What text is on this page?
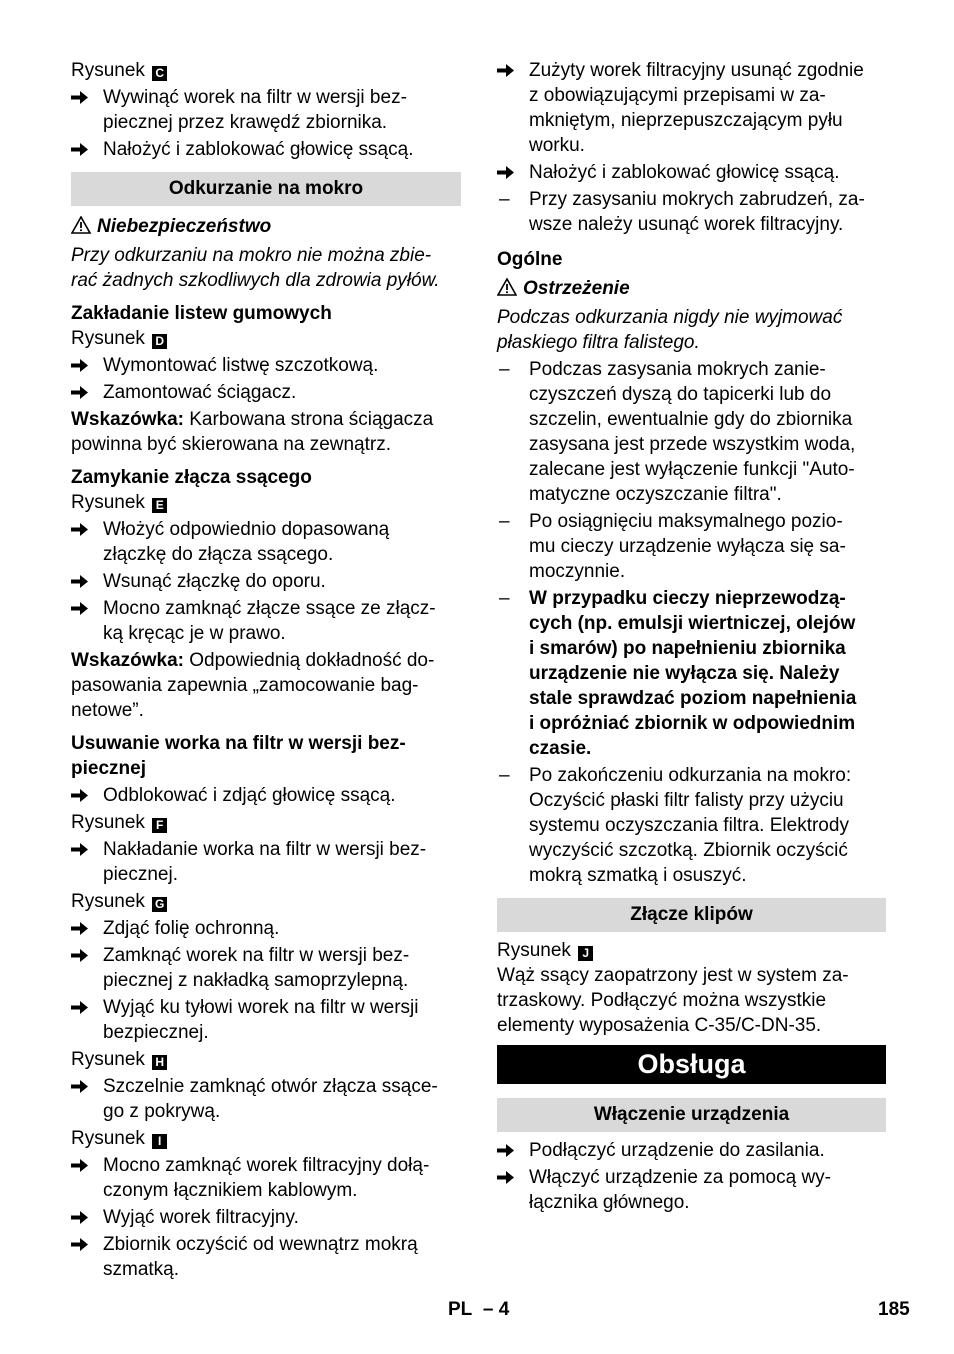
Rysunek C

Wywinąć worek na filtr w wersji bez-
piecznej przez krawędź zbiornika.
Nałożyć i zablokować głowicę ssącą.
Odkurzanie na mokro

Niebezpieczeństwo

Przy odkurzaniu na mokro nie można zbie-
rać żadnych szkodliwych dla zdrowia pyłów.

Zakładanie listew gumowych

Rysunek D

Wymontować listwę szczotkową.
Zamontować ściągacz.

Wskazówka: Karbowana strona ściągacza
powinna być skierowana na zewnątrz.

Zamykanie złącza ssącego

Rysunek E

Włożyć odpowiednio dopasowaną
złączkę do złącza ssącego.
Wsunąć złączkę do oporu.
Mocno zamknąć złącze ssące ze złącz-
ką kręcąc je w prawo.

Wskazówka: Odpowiednią dokładność do-
pasowania zapewnia „zamocowanie bag-
netowe”.

Usuwanie worka na filtr w wersji bez-
piecznej

Odblokować i zdjąć głowicę ssącą.

Rysunek F

Nakładanie worka na filtr w wersji bez-
piecznej.

Rysunek G

Zdjąć folię ochronną.
Zamknąć worek na filtr w wersji bez-
piecznej z nakładką samoprzylepną.
Wyjąć ku tyłowi worek na filtr w wersji
bezpiecznej.

Rysunek H

Szczelnie zamknąć otwór złącza ssące-
go z pokrywą.

Rysunek I

Mocno zamknąć worek filtracyjny dołą-
czonym łącznikiem kablowym.
Wyjąć worek filtracyjny.
Zbiornik oczyścić od wewnątrz mokrą
szmatką.
Zużyty worek filtracyjny usunąć zgodnie
z obowiązującymi przepisami w za-
mkniętym, nieprzepuszczającym pyłu
worku.
Nałożyć i zablokować głowicę ssącą.
–	Przy zasysaniu mokrych zabrudzeń, za-
wsze należy usunąć worek filtracyjny.

Ogólne

Ostrzeżenie

Podczas odkurzania nigdy nie wyjmować
płaskiego filtra falistego.

–	Podczas zasysania mokrych zanie-
czyszczeń dyszą do tapicerki lub do
szczelin, ewentualnie gdy do zbiornika
zasysana jest przede wszystkim woda,
zalecane jest wyłączenie funkcji "Auto-
matyczne oczyszczanie filtra".
–	Po osiągnięciu maksymalnego pozio-
mu cieczy urządzenie wyłącza się sa-
moczynnie.
–	W przypadku cieczy nieprzewodzą-
cych (np. emulsji wiertniczej, olejów
i smarów) po napełnieniu zbiornika
urządzenie nie wyłącza się. Należy
stale sprawdzać poziom napełnienia
i opróżniać zbiornik w odpowiednim
czasie.
–	Po zakończeniu odkurzania na mokro:
Oczyścić płaski filtr falisty przy użyciu
systemu oczyszczania filtra. Elektrody
wyczyścić szczotką. Zbiornik oczyścić
mokrą szmatką i osuszyć.
Złącze klipów

Rysunek J

Wąż ssący zaopatrzony jest w system za-
trzaskowy. Podłączyć można wszystkie
elementy wyposażenia C-35/C-DN-35.

Obsługa
Włączenie urządzenia
Podłączyć urządzenie do zasilania.
Włączyć urządzenie za pomocą wy-
łącznika głównego.
PL – 4	185
